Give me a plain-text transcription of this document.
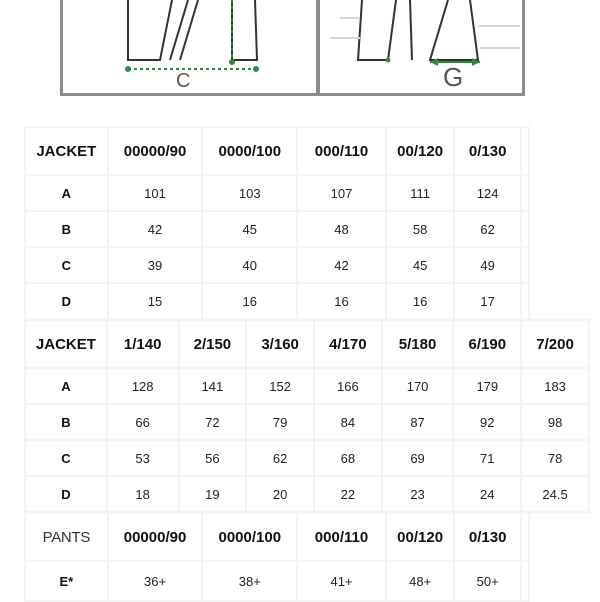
C	G
JACKET	00000/90	0000/100	000/110	00/120	0/130	
A	101	103	107	111	124	
B	42	45	48	58	62	
C	39	40	42	45	49	
D	15	16	16	16	17	
JACKET	1/140	2/150	3/160	4/170	5/180	6/190	7/200
A	128	141	152	166	170	179	183
B	66	72	79	84	87	92	98
C	53	56	62	68	69	71	78
D	18	19	20	22	23	24	24.5
PANTS	00000/90	0000/100	000/110	00/120	0/130	
E*	36+	38+	41+	48+	50+	
